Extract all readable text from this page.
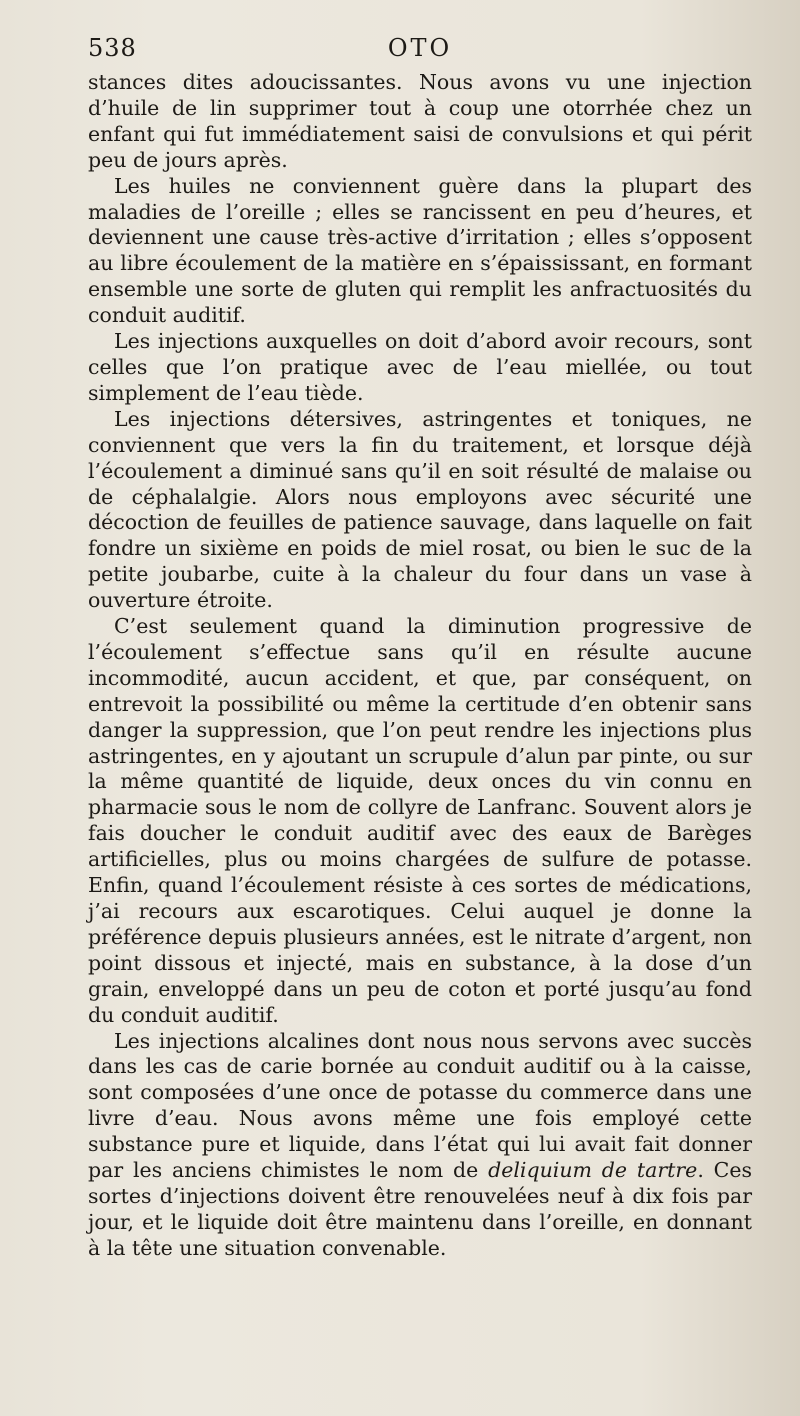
538	OTO

stances dites adoucissantes. Nous avons vu une injection d’huile de lin supprimer tout à coup une otorrhée chez un enfant qui fut immédiatement saisi de convulsions et qui périt peu de jours après.

Les huiles ne conviennent guère dans la plupart des maladies de l’oreille ; elles se rancissent en peu d’heures, et deviennent une cause très-active d’irritation ; elles s’opposent au libre écoulement de la matière en s’épaississant, en formant ensemble une sorte de gluten qui remplit les anfractuosités du conduit auditif.

Les injections auxquelles on doit d’abord avoir recours, sont celles que l’on pratique avec de l’eau miellée, ou tout simplement de l’eau tiède.

Les injections détersives, astringentes et toniques, ne conviennent que vers la fin du traitement, et lorsque déjà l’écoulement a diminué sans qu’il en soit résulté de malaise ou de céphalalgie. Alors nous employons avec sécurité une décoction de feuilles de patience sauvage, dans laquelle on fait fondre un sixième en poids de miel rosat, ou bien le suc de la petite joubarbe, cuite à la chaleur du four dans un vase à ouverture étroite.

C’est seulement quand la diminution progressive de l’écoulement s’effectue sans qu’il en résulte aucune incommodité, aucun accident, et que, par conséquent, on entrevoit la possibilité ou même la certitude d’en obtenir sans danger la suppression, que l’on peut rendre les injections plus astringentes, en y ajoutant un scrupule d’alun par pinte, ou sur la même quantité de liquide, deux onces du vin connu en pharmacie sous le nom de collyre de Lanfranc. Souvent alors je fais doucher le conduit auditif avec des eaux de Barèges artificielles, plus ou moins chargées de sulfure de potasse. Enfin, quand l’écoulement résiste à ces sortes de médications, j’ai recours aux escarotiques. Celui auquel je donne la préférence depuis plusieurs années, est le nitrate d’argent, non point dissous et injecté, mais en substance, à la dose d’un grain, enveloppé dans un peu de coton et porté jusqu’au fond du conduit auditif.

Les injections alcalines dont nous nous servons avec succès dans les cas de carie bornée au conduit auditif ou à la caisse, sont composées d’une once de potasse du commerce dans une livre d’eau. Nous avons même une fois employé cette substance pure et liquide, dans l’état qui lui avait fait donner par les anciens chimistes le nom de deliquium de tartre. Ces sortes d’injections doivent être renouvelées neuf à dix fois par jour, et le liquide doit être maintenu dans l’oreille, en donnant à la tête une situation convenable.
